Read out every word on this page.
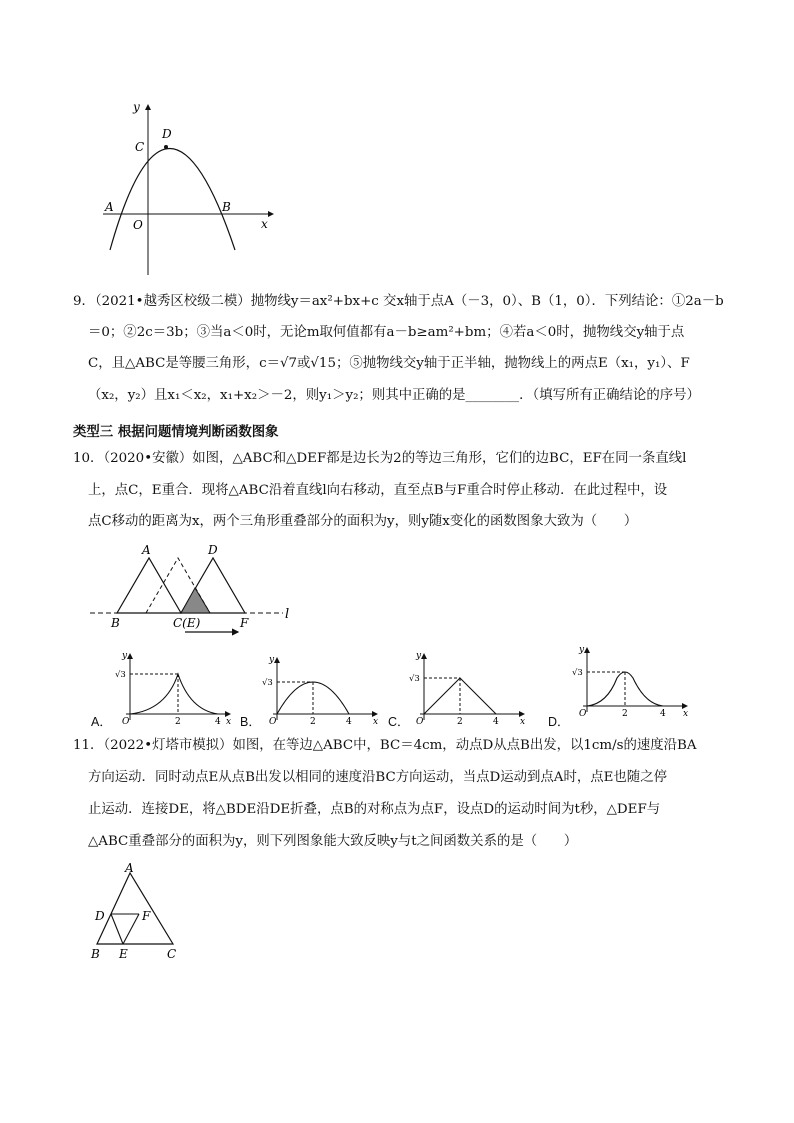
y
x
O
A	B
C
D
9．（2021•越秀区校级二模）抛物线y＝ax²+bx+c 交x轴于点A（－3，0）、B（1，0）．下列结论：①2a－b
＝0；②2c＝3b；③当a＜0时，无论m取何值都有a－b≥am²+bm；④若a＜0时，抛物线交y轴于点
C，且△ABC是等腰三角形，c＝√7或√15；⑤抛物线交y轴于正半轴，抛物线上的两点E（x₁，y₁）、F
（x₂，y₂）且x₁＜x₂，x₁+x₂＞－2，则y₁＞y₂；则其中正确的是________．（填写所有正确结论的序号）
类型三 根据问题情境判断函数图象
10．（2020•安徽）如图，△ABC和△DEF都是边长为2的等边三角形，它们的边BC，EF在同一条直线l
上，点C，E重合．现将△ABC沿着直线l向右移动，直至点B与F重合时停止移动．在此过程中，设
点C移动的距离为x，两个三角形重叠部分的面积为y，则y随x变化的函数图象大致为（　　）
A	D
B	C(E)	F
l
A．
y
√3
O	2	4 x B．
y
√3
O	2	4 x C．
y
√3
O	2	4 x D．
y
√3
O	2	4 x
11．（2022•灯塔市模拟）如图，在等边△ABC中，BC＝4cm，动点D从点B出发，以1cm/s的速度沿BA
方向运动．同时动点E从点B出发以相同的速度沿BC方向运动，当点D运动到点A时，点E也随之停
止运动．连接DE，将△BDE沿DE折叠，点B的对称点为点F，设点D的运动时间为t秒，△DEF与
△ABC重叠部分的面积为y，则下列图象能大致反映y与t之间函数关系的是（　　）
A
D	F
B E	C
